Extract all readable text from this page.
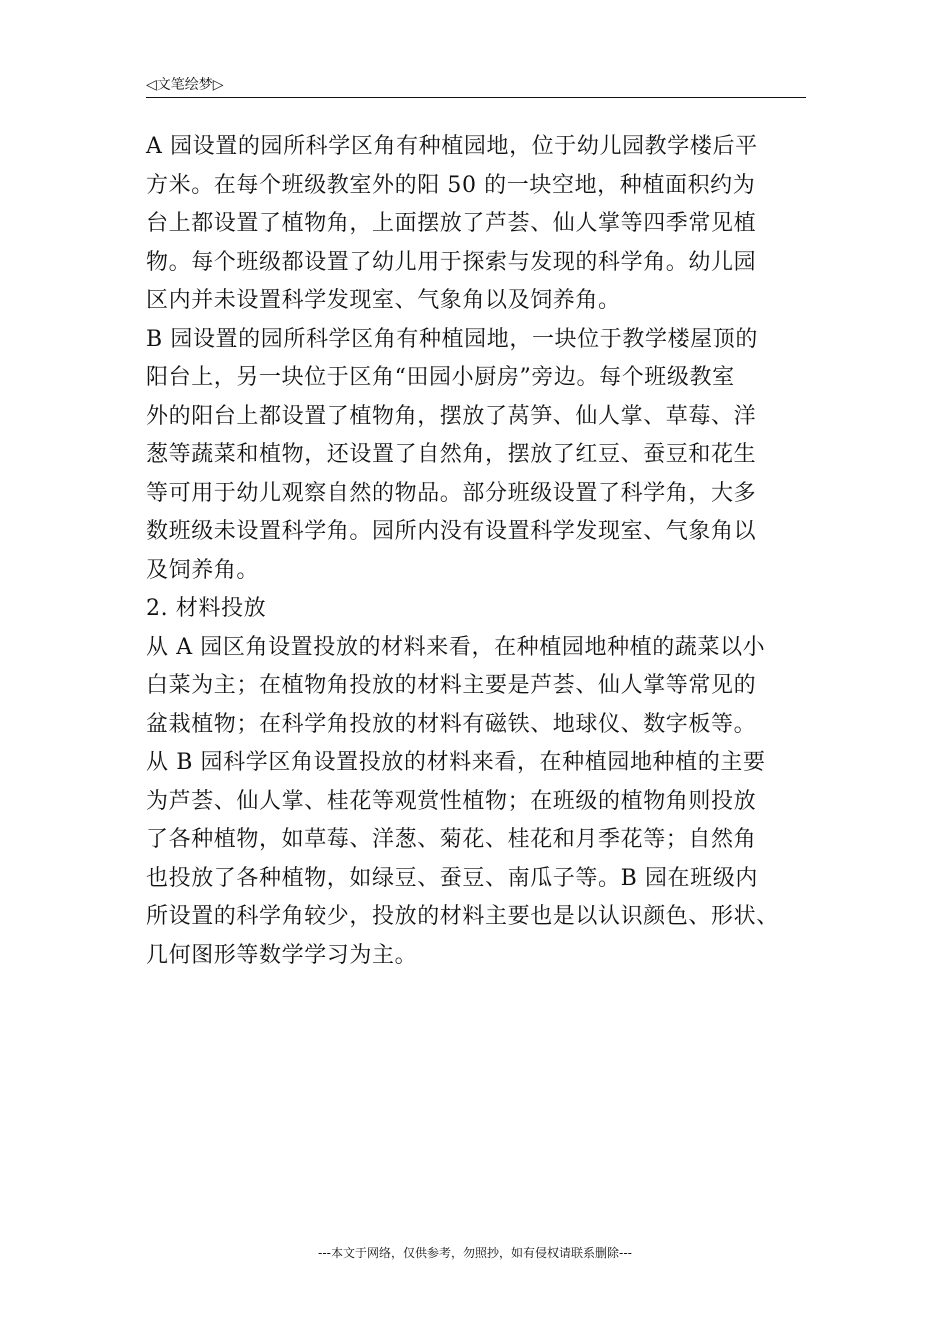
◁文笔绘梦▷
A 园设置的园所科学区角有种植园地，位于幼儿园教学楼后平
方米。在每个班级教室外的阳 50 的一块空地，种植面积约为
台上都设置了植物角，上面摆放了芦荟、仙人掌等四季常见植
物。每个班级都设置了幼儿用于探索与发现的科学角。幼儿园
区内并未设置科学发现室、气象角以及饲养角。
B 园设置的园所科学区角有种植园地，一块位于教学楼屋顶的
阳台上，另一块位于区角“田园小厨房”旁边。每个班级教室
外的阳台上都设置了植物角，摆放了莴笋、仙人掌、草莓、洋
葱等蔬菜和植物，还设置了自然角，摆放了红豆、蚕豆和花生
等可用于幼儿观察自然的物品。部分班级设置了科学角，大多
数班级未设置科学角。园所内没有设置科学发现室、气象角以
及饲养角。
2. 材料投放
从 A 园区角设置投放的材料来看，在种植园地种植的蔬菜以小
白菜为主；在植物角投放的材料主要是芦荟、仙人掌等常见的
盆栽植物；在科学角投放的材料有磁铁、地球仪、数字板等。
从 B 园科学区角设置投放的材料来看，在种植园地种植的主要
为芦荟、仙人掌、桂花等观赏性植物；在班级的植物角则投放
了各种植物，如草莓、洋葱、菊花、桂花和月季花等；自然角
也投放了各种植物，如绿豆、蚕豆、南瓜子等。B 园在班级内
所设置的科学角较少，投放的材料主要也是以认识颜色、形状、
几何图形等数学学习为主。
---本文于网络，仅供参考，勿照抄，如有侵权请联系删除---
